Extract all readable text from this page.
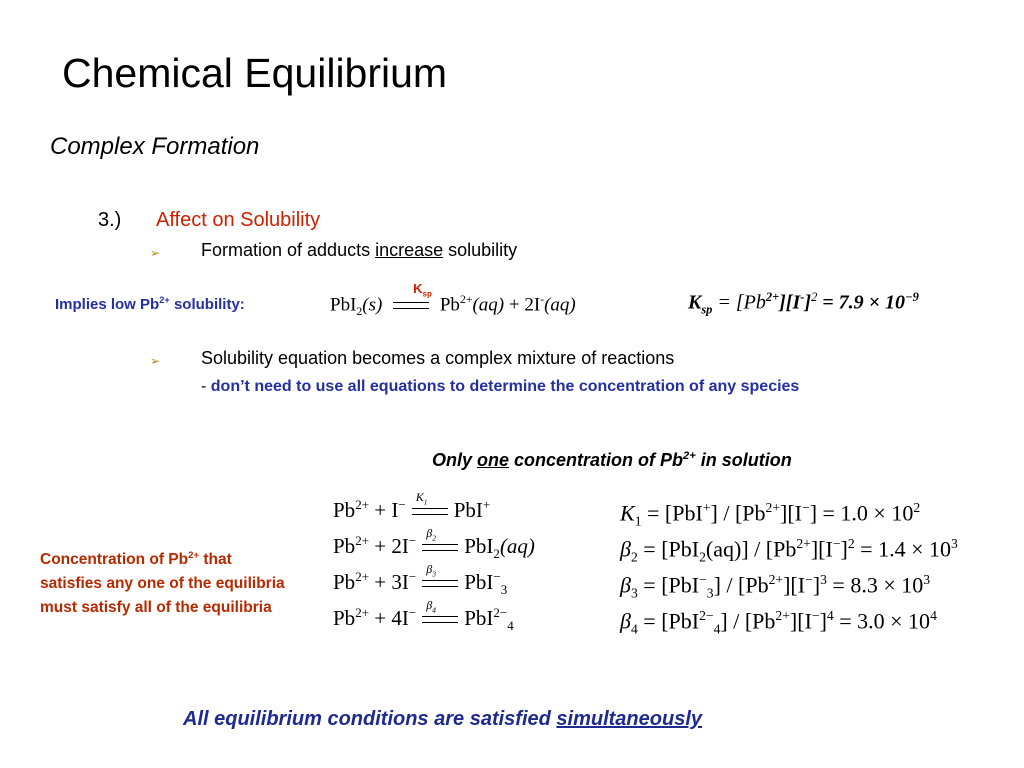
Chemical Equilibrium
Complex Formation
3.) Affect on Solubility
➢ Formation of adducts increase solubility
Implies low $Pb^{2+}$ solubility:	PbI$_2$(s)
$K_{sp}$
$Pb^{2+}(aq) + 2I^-(aq)$	$K_{sp} = [Pb^{2+}][I^-]^2 = 7.9 \times 10^{-9}$
➢ Solubility equation becomes a complex mixture of reactions
- don’t need to use all equations to determine the concentration of any species
Only one concentration of $Pb^{2+}$ in solution
$Pb^{2+} + I^-$ $K_1$ PbI+
$Pb^{2+} + 2I^-$ $\beta_2$ PbI$_2$(aq)
$Pb^{2+} + 3I^-$ $\beta_3$ PbI−$_3$
$Pb^{2+} + 4I^-$ $\beta_4$ PbI$^{2-}_4$
$K_1 = [PbI^+] / [Pb^{2+}][I^-] = 1.0 \times 10^2$
$\beta_2 = [PbI_2(aq)] / [Pb^{2+}][I^-]^2 = 1.4 \times 10^3$
$\beta_3 = [PbI^-_3] / [Pb^{2+}][I^-]^3 = 8.3 \times 10^3$
$\beta_4 = [PbI^{2-}_4] / [Pb^{2+}][I^-]^4 = 3.0 \times 10^4$
Concentration of $Pb^{2+}$ that satisfies any one of the equilibria must satisfy all of the equilibria
All equilibrium conditions are satisfied simultaneously
